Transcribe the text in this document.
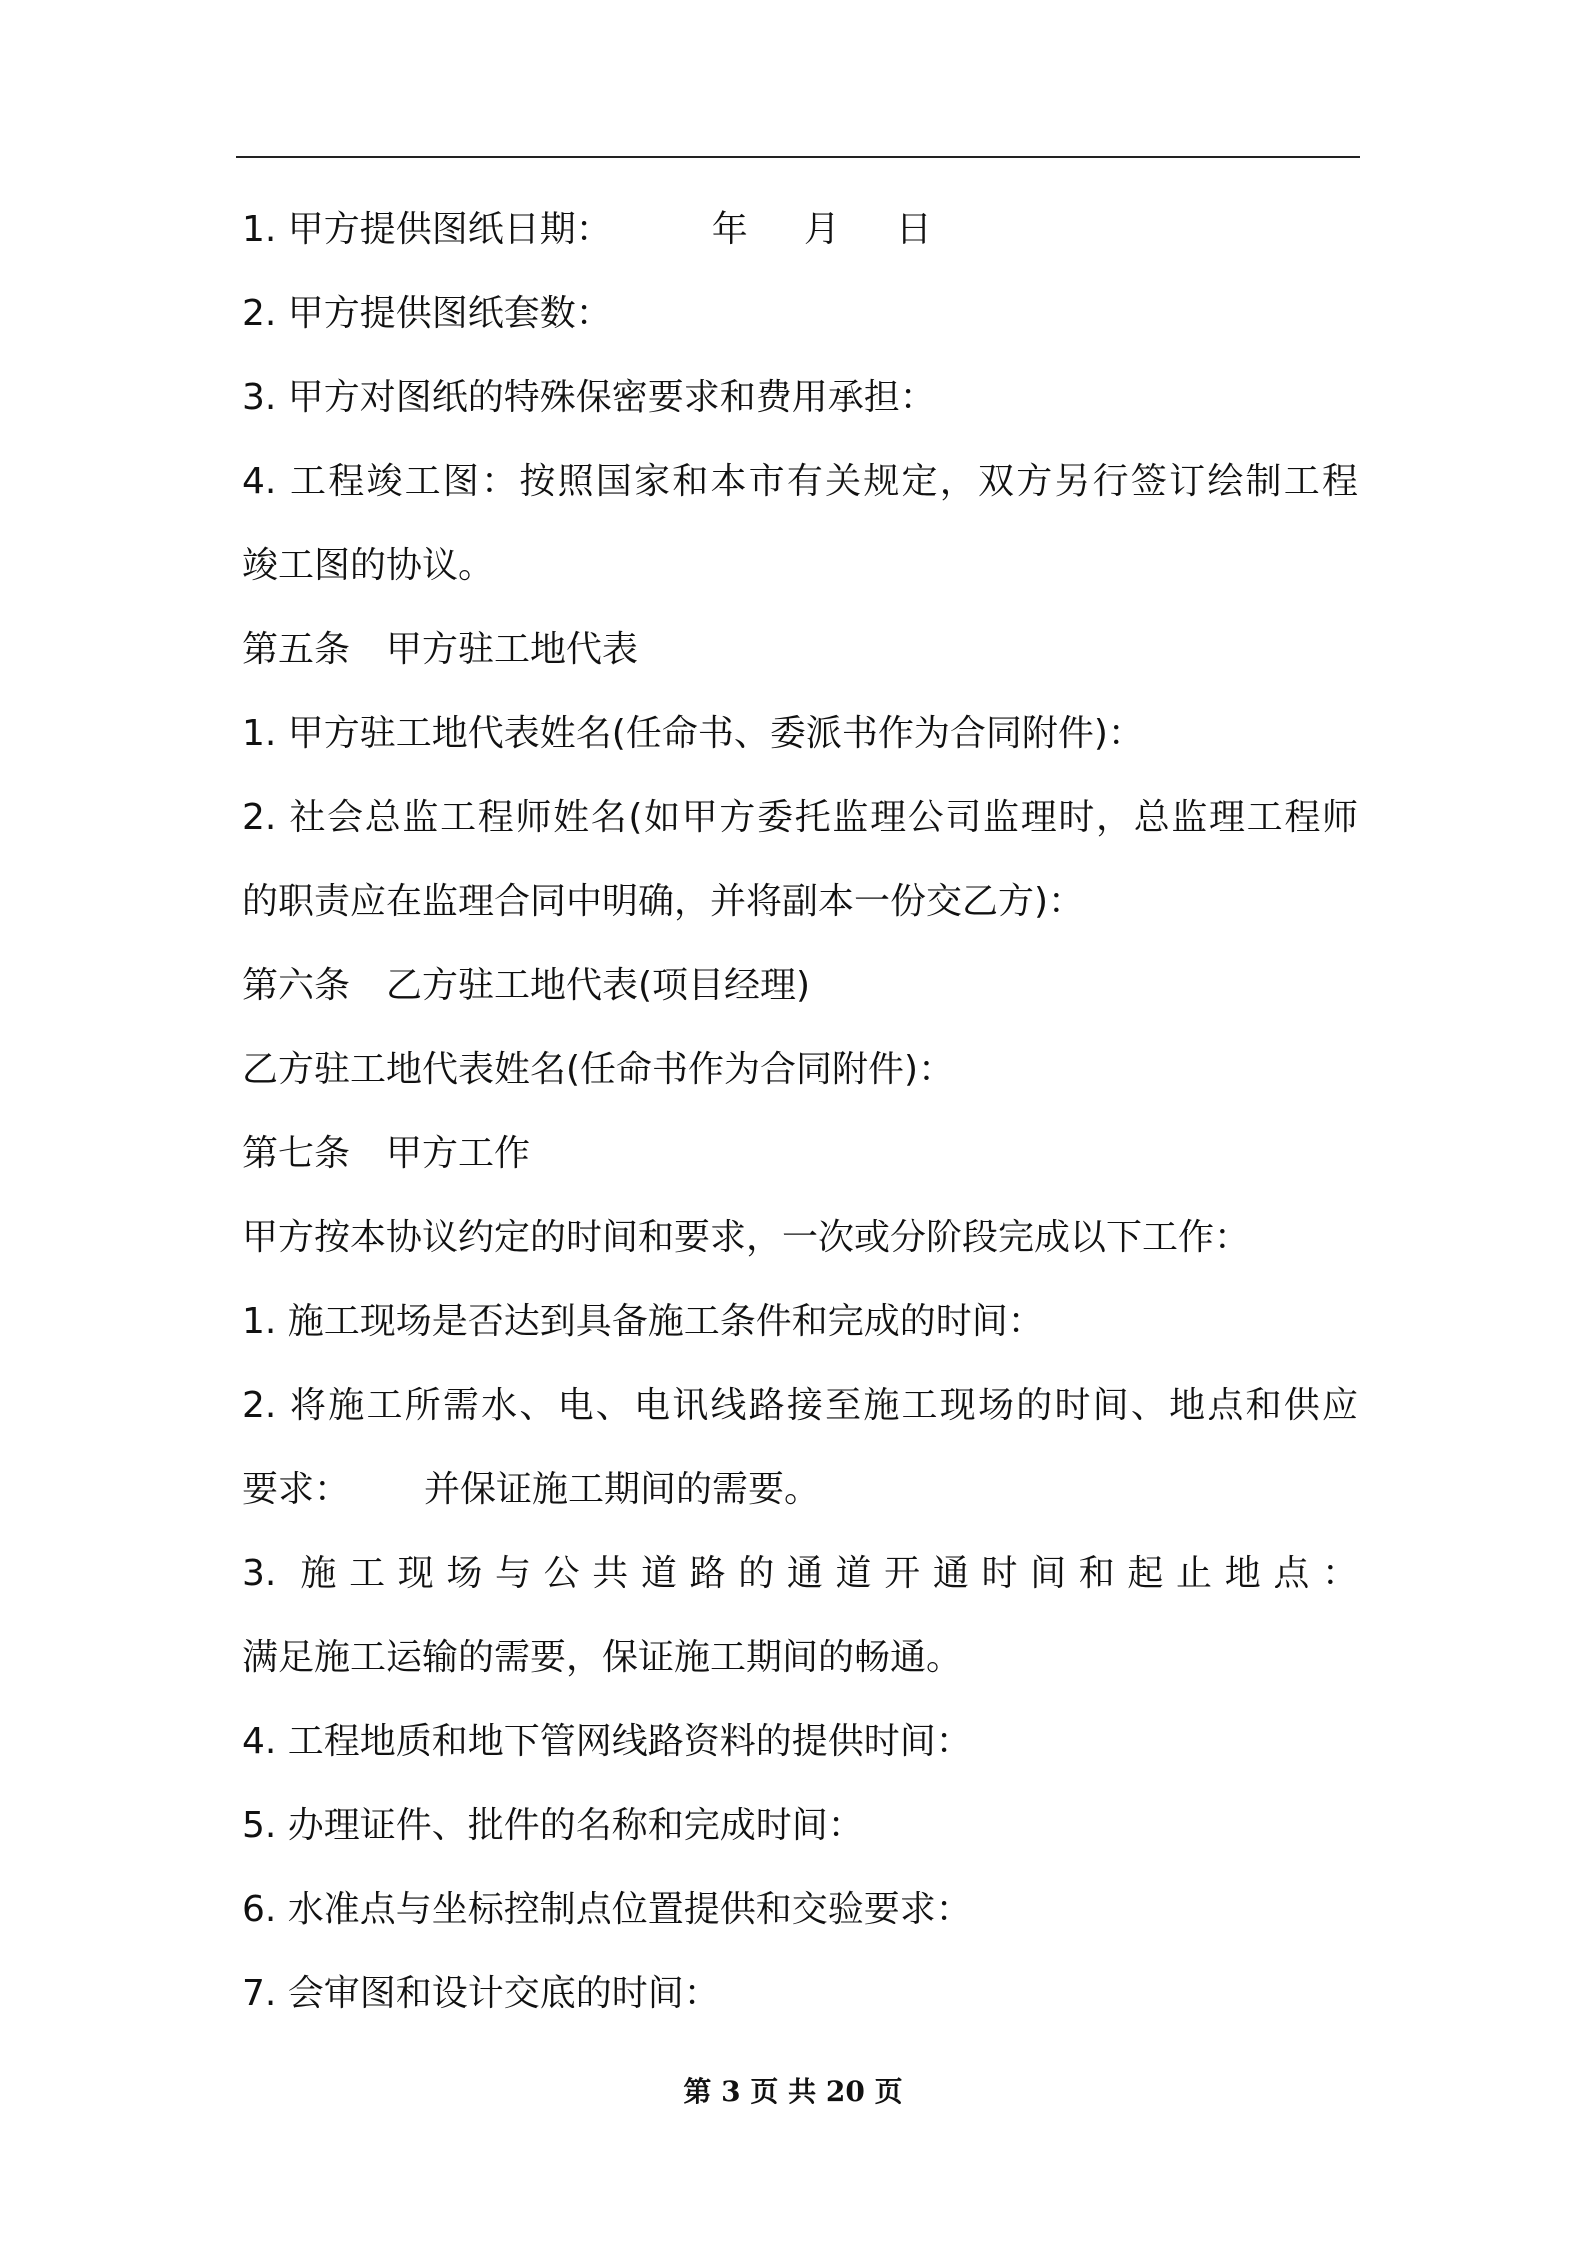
1. 甲方提供图纸日期：	年 月 日
2. 甲方提供图纸套数：
3. 甲方对图纸的特殊保密要求和费用承担：
4. 工程竣工图：按照国家和本市有关规定，双方另行签订绘制工程
竣工图的协议。
第五条　甲方驻工地代表
1. 甲方驻工地代表姓名(任命书、委派书作为合同附件)：
2. 社会总监工程师姓名(如甲方委托监理公司监理时，总监理工程师
的职责应在监理合同中明确，并将副本一份交乙方)：
第六条　乙方驻工地代表(项目经理)
乙方驻工地代表姓名(任命书作为合同附件)：
第七条　甲方工作
甲方按本协议约定的时间和要求，一次或分阶段完成以下工作：
1. 施工现场是否达到具备施工条件和完成的时间：
2. 将施工所需水、电、电讯线路接至施工现场的时间、地点和供应
要求： 并保证施工期间的需要。
3. 施工现场与公共道路的通道开通时间和起止地点：
满足施工运输的需要，保证施工期间的畅通。
4. 工程地质和地下管网线路资料的提供时间：
5. 办理证件、批件的名称和完成时间：
6. 水准点与坐标控制点位置提供和交验要求：
7. 会审图和设计交底的时间：
第 3 页 共 20 页
